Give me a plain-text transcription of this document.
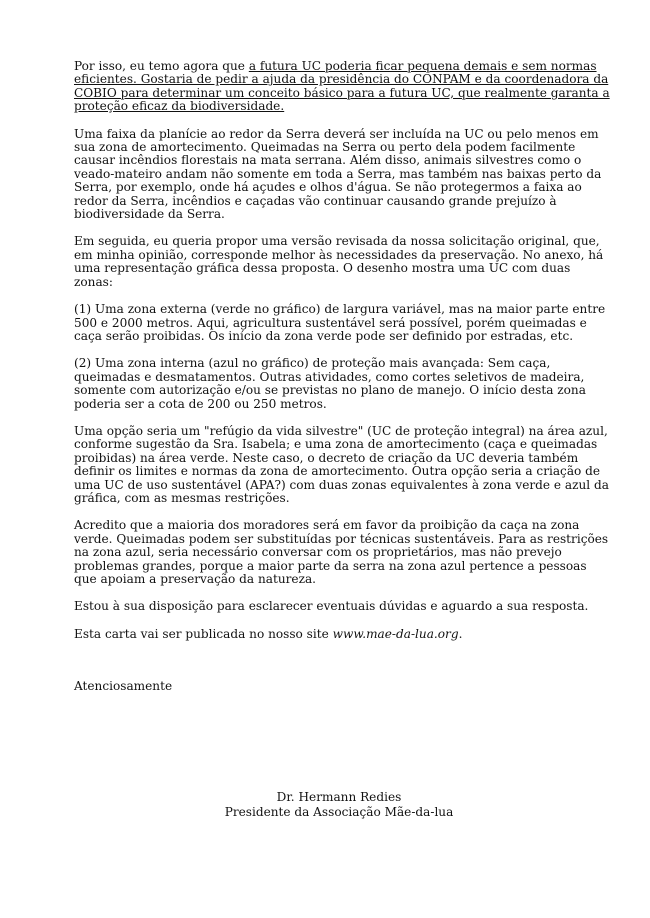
Por isso, eu temo agora que a futura UC poderia ficar pequena demais e sem normas eficientes. Gostaria de pedir a ajuda da presidência do CONPAM e da coordenadora da COBIO para determinar um conceito básico para a futura UC, que realmente garanta a proteção eficaz da biodiversidade.

Uma faixa da planície ao redor da Serra deverá ser incluída na UC ou pelo menos em sua zona de amortecimento. Queimadas na Serra ou perto dela podem facilmente causar incêndios florestais na mata serrana. Além disso, animais silvestres como o veado-mateiro andam não somente em toda a Serra, mas também nas baixas perto da Serra, por exemplo, onde há açudes e olhos d'água. Se não protegermos a faixa ao redor da Serra, incêndios e caçadas vão continuar causando grande prejuízo à biodiversidade da Serra.

Em seguida, eu queria propor uma versão revisada da nossa solicitação original, que, em minha opinião, corresponde melhor às necessidades da preservação. No anexo, há uma representação gráfica dessa proposta. O desenho mostra uma UC com duas zonas:

(1) Uma zona externa (verde no gráfico) de largura variável, mas na maior parte entre 500 e 2000 metros. Aqui, agricultura sustentável será possível, porém queimadas e caça serão proibidas. Os início da zona verde pode ser definido por estradas, etc.

(2) Uma zona interna (azul no gráfico) de proteção mais avançada: Sem caça, queimadas e desmatamentos. Outras atividades, como cortes seletivos de madeira, somente com autorização e/ou se previstas no plano de manejo. O início desta zona poderia ser a cota de 200 ou 250 metros.

Uma opção seria um "refúgio da vida silvestre" (UC de proteção integral) na área azul, conforme sugestão da Sra. Isabela; e uma zona de amortecimento (caça e queimadas proibidas) na área verde. Neste caso, o decreto de criação da UC deveria também definir os limites e normas da zona de amortecimento. Outra opção seria a criação de uma UC de uso sustentável (APA?) com duas zonas equivalentes à zona verde e azul da gráfica, com as mesmas restrições.

Acredito que a maioria dos moradores será em favor da proibição da caça na zona verde. Queimadas podem ser substituídas por técnicas sustentáveis. Para as restrições na zona azul, seria necessário conversar com os proprietários, mas não prevejo problemas grandes, porque a maior parte da serra na zona azul pertence a pessoas que apoiam a preservação da natureza.

Estou à sua disposição para esclarecer eventuais dúvidas e aguardo a sua resposta.

Esta carta vai ser publicada no nosso site www.mae-da-lua.org.

Atenciosamente

Dr. Hermann Redies
Presidente da Associação Mãe-da-lua
